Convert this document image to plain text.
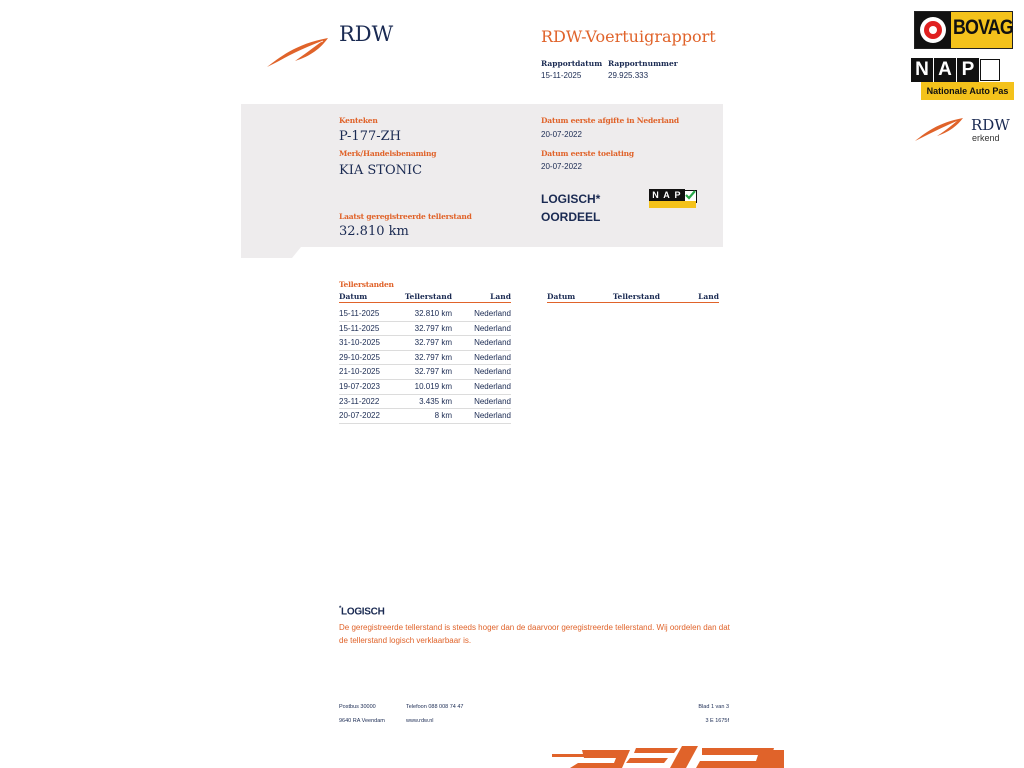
RDW	RDW-Voertuigrapport
Rapportdatum
15-11-2025
Rapportnummer
29.925.333
Kenteken
P-177-ZH
Merk/Handelsbenaming
KIA STONIC
Laatst geregistreerde tellerstand
32.810 km
Datum eerste afgifte in Nederland
20-07-2022
Datum eerste toelating
20-07-2022
LOGISCH*
OORDEEL
N A P
Tellerstanden
Datum	Tellerstand	Land	Datum	Tellerstand	Land
15-11-2025	32.810 km	Nederland
15-11-2025	32.797 km	Nederland
31-10-2025	32.797 km	Nederland
29-10-2025	32.797 km	Nederland
21-10-2025	32.797 km	Nederland
19-07-2023	10.019 km	Nederland
23-11-2022	3.435 km	Nederland
20-07-2022	8 km	Nederland
*LOGISCH
De geregistreerde tellerstand is steeds hoger dan de daarvoor geregistreerde tellerstand. Wij oordelen dan dat de tellerstand logisch verklaarbaar is.
Postbus 30000
9640 RA Veendam
Telefoon 088 008 74 47
www.rdw.nl
Blad 1 van 3
3 E 1675f
BOVAG
N A P
Nationale Auto Pas
RDW
erkend
